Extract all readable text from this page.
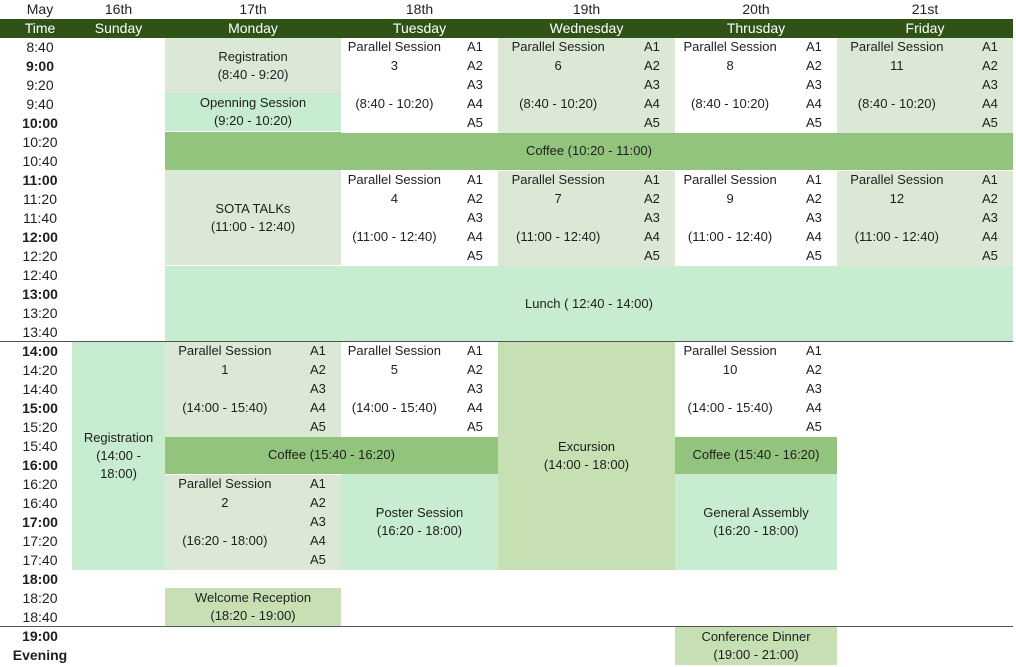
May
Time
16th
Sunday
17th
Monday
18th
Tuesday
19th
Wednesday
20th
Thrusday
21st
Friday
8:40
9:00
9:20
9:40
10:00
10:20
10:40
11:00
11:20
11:40
12:00
12:20
12:40
13:00
13:20
13:40
14:00
14:20
14:40
15:00
15:20
15:40
16:00
16:20
16:40
17:00
17:20
17:40
18:00
18:20
18:40
19:00
Evening
Registration
(8:40 - 9:20)
Openning Session
(9:20 - 10:20)
Coffee (10:20 - 11:00)
SOTA TALKs
(11:00 - 12:40)
Lunch ( 12:40 - 14:00)
Registration
(14:00 -
18:00)
Coffee (15:40 - 16:20)
Excursion
(14:00 - 18:00)
Coffee (15:40 - 16:20)
Poster Session
(16:20 - 18:00)
General Assembly
(16:20 - 18:00)
Welcome Reception
(18:20 - 19:00)
Conference Dinner
(19:00 - 21:00)
Parallel Session
3
(8:40 - 10:20)
A1
A2
A3
A4
A5
Parallel Session
6
(8:40 - 10:20)
A1
A2
A3
A4
A5
Parallel Session
8
(8:40 - 10:20)
A1
A2
A3
A4
A5
Parallel Session
11
(8:40 - 10:20)
A1
A2
A3
A4
A5
Parallel Session
4
(11:00 - 12:40)
A1
A2
A3
A4
A5
Parallel Session
7
(11:00 - 12:40)
A1
A2
A3
A4
A5
Parallel Session
9
(11:00 - 12:40)
A1
A2
A3
A4
A5
Parallel Session
12
(11:00 - 12:40)
A1
A2
A3
A4
A5
Parallel Session
1
(14:00 - 15:40)
A1
A2
A3
A4
A5
Parallel Session
5
(14:00 - 15:40)
A1
A2
A3
A4
A5
Parallel Session
10
(14:00 - 15:40)
A1
A2
A3
A4
A5
Parallel Session
2
(16:20 - 18:00)
A1
A2
A3
A4
A5
